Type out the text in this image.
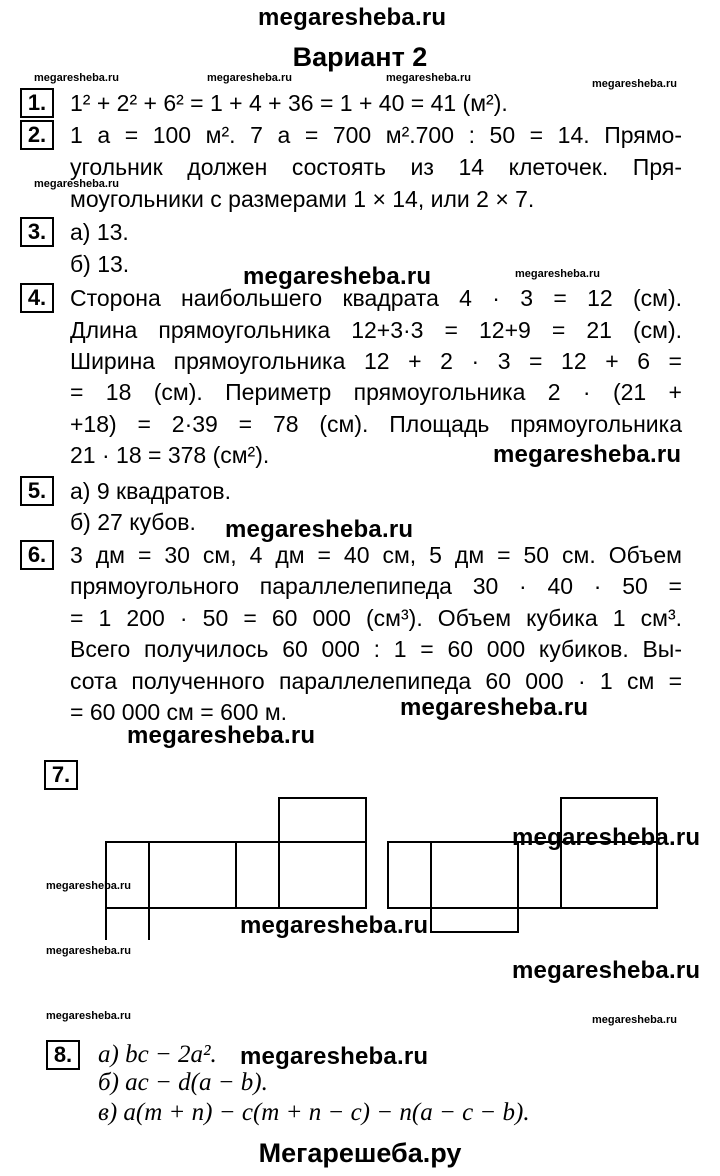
megaresheba.ru
Вариант 2
megaresheba.ru	megaresheba.ru	megaresheba.ru	megaresheba.ru
megaresheba.ru
megaresheba.ru
megaresheba.ru
megaresheba.ru
megaresheba.ru	megaresheba.ru
megaresheba.ru
megaresheba.ru
megaresheba.ru
megaresheba.ru
megaresheba.ru
megaresheba.ru
megaresheba.ru
megaresheba.ru
megaresheba.ru
1.	1² + 2² + 6² = 1 + 4 + 36 = 1 + 40 = 41 (м²).
2.	1 а = 100 м². 7 а = 700 м².700 : 50 = 14. Прямо-
угольник должен состоять из 14 клеточек. Пря-
моугольники с размерами 1 × 14, или 2 × 7.
3.	а) 13.
б) 13.
4.	Сторона наибольшего квадрата 4 · 3 = 12 (см).
Длина прямоугольника 12+3·3 = 12+9 = 21 (см).
Ширина прямоугольника 12 + 2 · 3 = 12 + 6 =
= 18 (см). Периметр прямоугольника 2 · (21 +
+18) = 2·39 = 78 (см). Площадь прямоугольника
21 · 18 = 378 (см²).
5.	а) 9 квадратов.
б) 27 кубов.
6.	3 дм = 30 см, 4 дм = 40 см, 5 дм = 50 см. Объем
прямоугольного параллелепипеда 30 · 40 · 50 =
= 1 200 · 50 = 60 000 (см³). Объем кубика 1 см³.
Всего получилось 60 000 : 1 = 60 000 кубиков. Вы-
сота полученного параллелепипеда 60 000 · 1 см =
= 60 000 см = 600 м.
7.
8.	а) bc − 2a².
б) ac − d(a − b).
в) a(m + n) − c(m + n − c) − n(a − c − b).
Мегарешеба.ру
